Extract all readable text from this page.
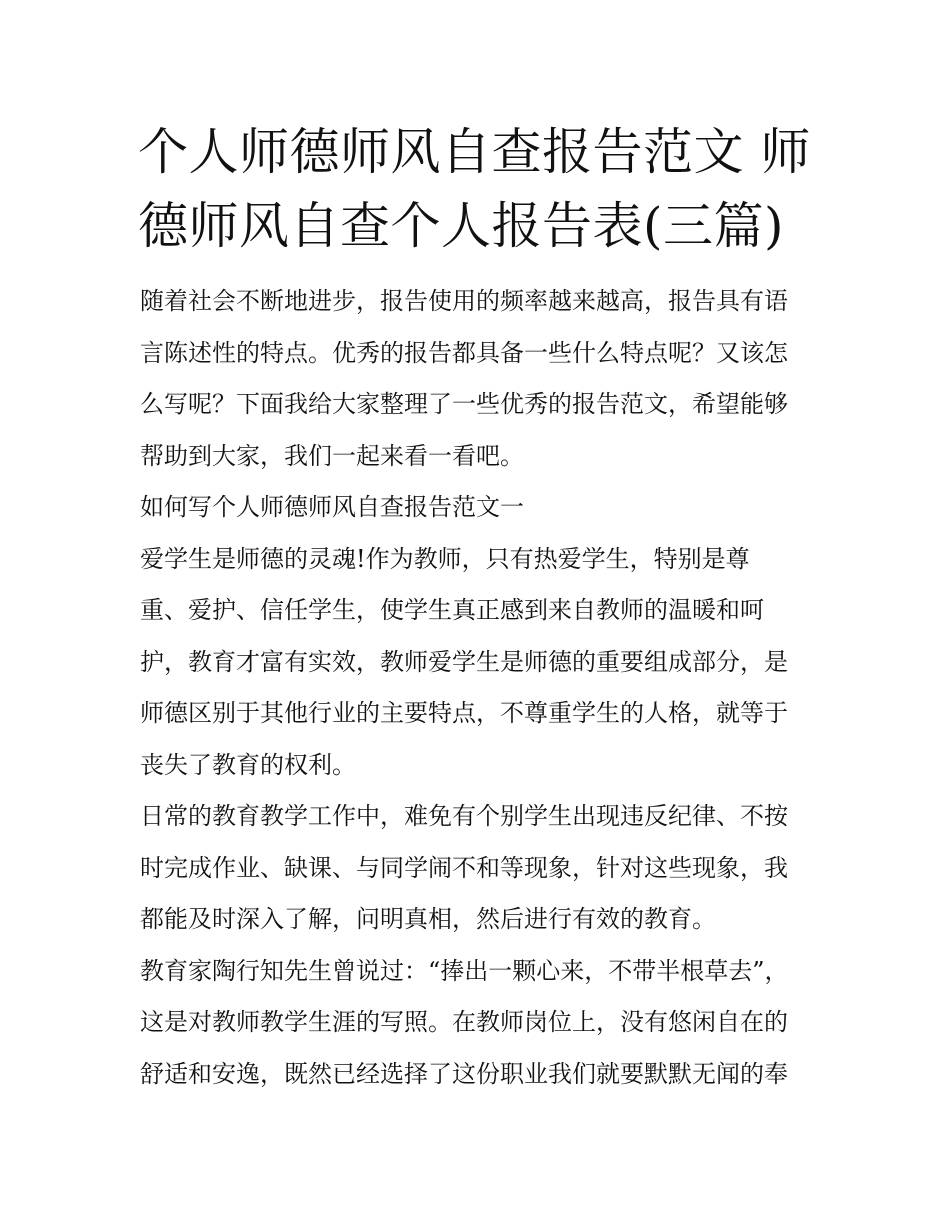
个人师德师风自查报告范文 师
德师风自查个人报告表(三篇)
随着社会不断地进步，报告使用的频率越来越高，报告具有语
言陈述性的特点。优秀的报告都具备一些什么特点呢？又该怎
么写呢？下面我给大家整理了一些优秀的报告范文，希望能够
帮助到大家，我们一起来看一看吧。
如何写个人师德师风自查报告范文一
爱学生是师德的灵魂!作为教师，只有热爱学生，特别是尊
重、爱护、信任学生，使学生真正感到来自教师的温暖和呵
护，教育才富有实效，教师爱学生是师德的重要组成部分，是
师德区别于其他行业的主要特点，不尊重学生的人格，就等于
丧失了教育的权利。
日常的教育教学工作中，难免有个别学生出现违反纪律、不按
时完成作业、缺课、与同学闹不和等现象，针对这些现象，我
都能及时深入了解，问明真相，然后进行有效的教育。
教育家陶行知先生曾说过：“捧出一颗心来，不带半根草去”，
这是对教师教学生涯的写照。在教师岗位上，没有悠闲自在的
舒适和安逸，既然已经选择了这份职业我们就要默默无闻的奉
